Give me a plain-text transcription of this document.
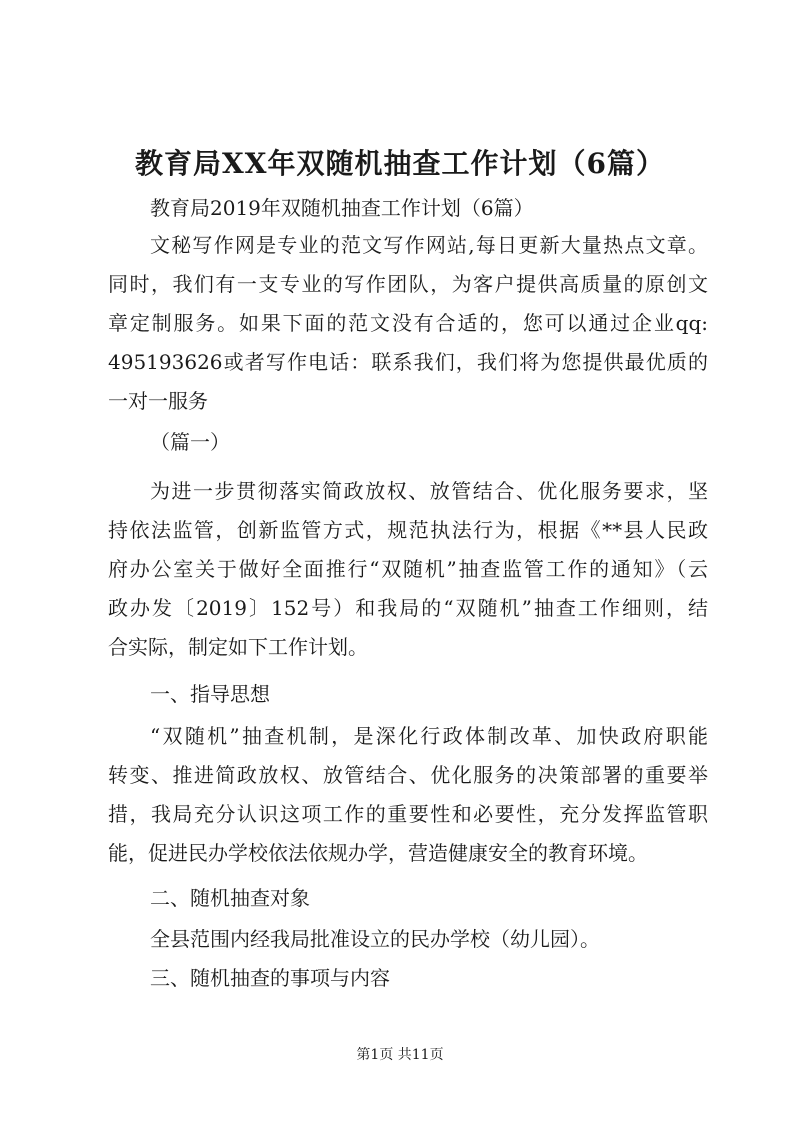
教育局XX年双随机抽查工作计划（6篇）
教育局2019年双随机抽查工作计划（6篇）
文秘写作网是专业的范文写作网站,每日更新大量热点文章。
同时，我们有一支专业的写作团队，为客户提供高质量的原创文
章定制服务。如果下面的范文没有合适的，您可以通过企业qq:
495193626或者写作电话：联系我们，我们将为您提供最优质的
一对一服务
（篇一）
为进一步贯彻落实简政放权、放管结合、优化服务要求，坚
持依法监管，创新监管方式，规范执法行为，根据《**县人民政
府办公室关于做好全面推行“双随机”抽查监管工作的通知》（云
政办发〔2019〕152号）和我局的“双随机”抽查工作细则，结
合实际，制定如下工作计划。
一、指导思想
“双随机”抽查机制，是深化行政体制改革、加快政府职能
转变、推进简政放权、放管结合、优化服务的决策部署的重要举
措，我局充分认识这项工作的重要性和必要性，充分发挥监管职
能，促进民办学校依法依规办学，营造健康安全的教育环境。
二、随机抽查对象
全县范围内经我局批准设立的民办学校（幼儿园）。
三、随机抽查的事项与内容
第1页 共11页
